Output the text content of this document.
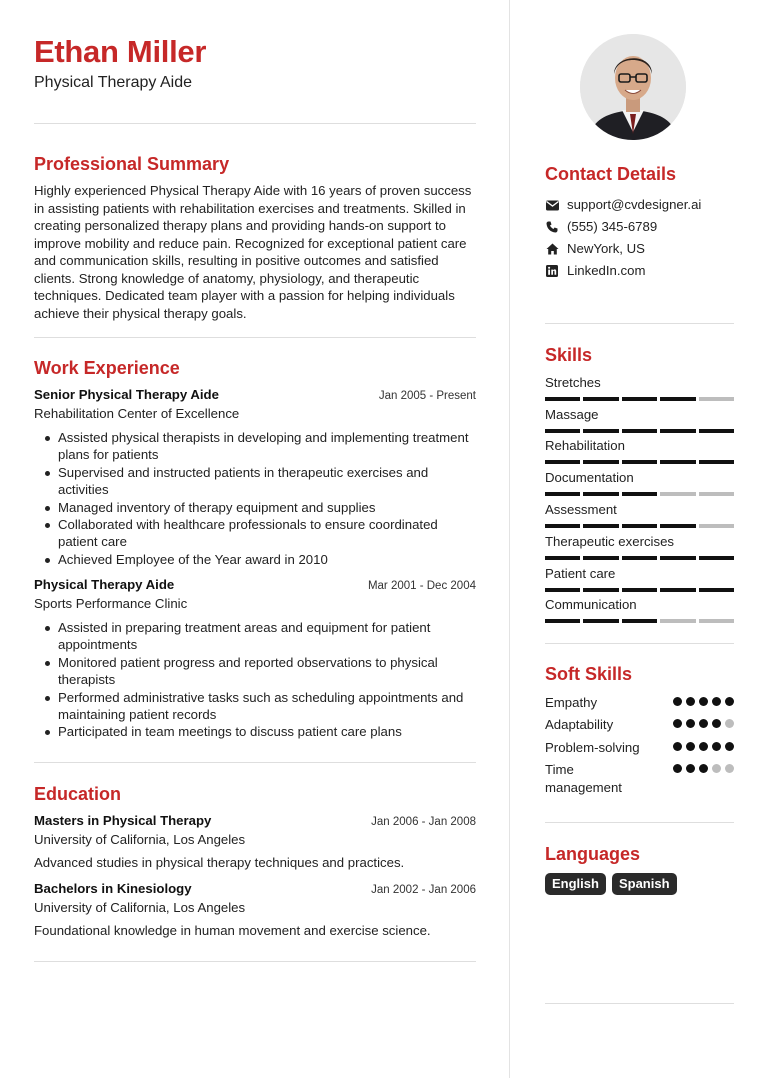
Ethan Miller
Physical Therapy Aide
Professional Summary
Highly experienced Physical Therapy Aide with 16 years of proven success in assisting patients with rehabilitation exercises and treatments. Skilled in creating personalized therapy plans and providing hands-on support to improve mobility and reduce pain. Recognized for exceptional patient care and communication skills, resulting in positive outcomes and satisfied clients. Strong knowledge of anatomy, physiology, and therapeutic techniques. Dedicated team player with a passion for helping individuals achieve their physical therapy goals.
Work Experience
Senior Physical Therapy Aide	Jan 2005 - Present
Rehabilitation Center of Excellence
Assisted physical therapists in developing and implementing treatment plans for patients
Supervised and instructed patients in therapeutic exercises and activities
Managed inventory of therapy equipment and supplies
Collaborated with healthcare professionals to ensure coordinated patient care
Achieved Employee of the Year award in 2010
Physical Therapy Aide	Mar 2001 - Dec 2004
Sports Performance Clinic
Assisted in preparing treatment areas and equipment for patient appointments
Monitored patient progress and reported observations to physical therapists
Performed administrative tasks such as scheduling appointments and maintaining patient records
Participated in team meetings to discuss patient care plans
Education
Masters in Physical Therapy	Jan 2006 - Jan 2008
University of California, Los Angeles
Advanced studies in physical therapy techniques and practices.
Bachelors in Kinesiology	Jan 2002 - Jan 2006
University of California, Los Angeles
Foundational knowledge in human movement and exercise science.
Contact Details
support@cvdesigner.ai
(555) 345-6789
NewYork, US
LinkedIn.com
Skills
Stretches
Massage
Rehabilitation
Documentation
Assessment
Therapeutic exercises
Patient care
Communication
Soft Skills
Empathy
Adaptability
Problem-solving
Time management
Languages
English	Spanish
